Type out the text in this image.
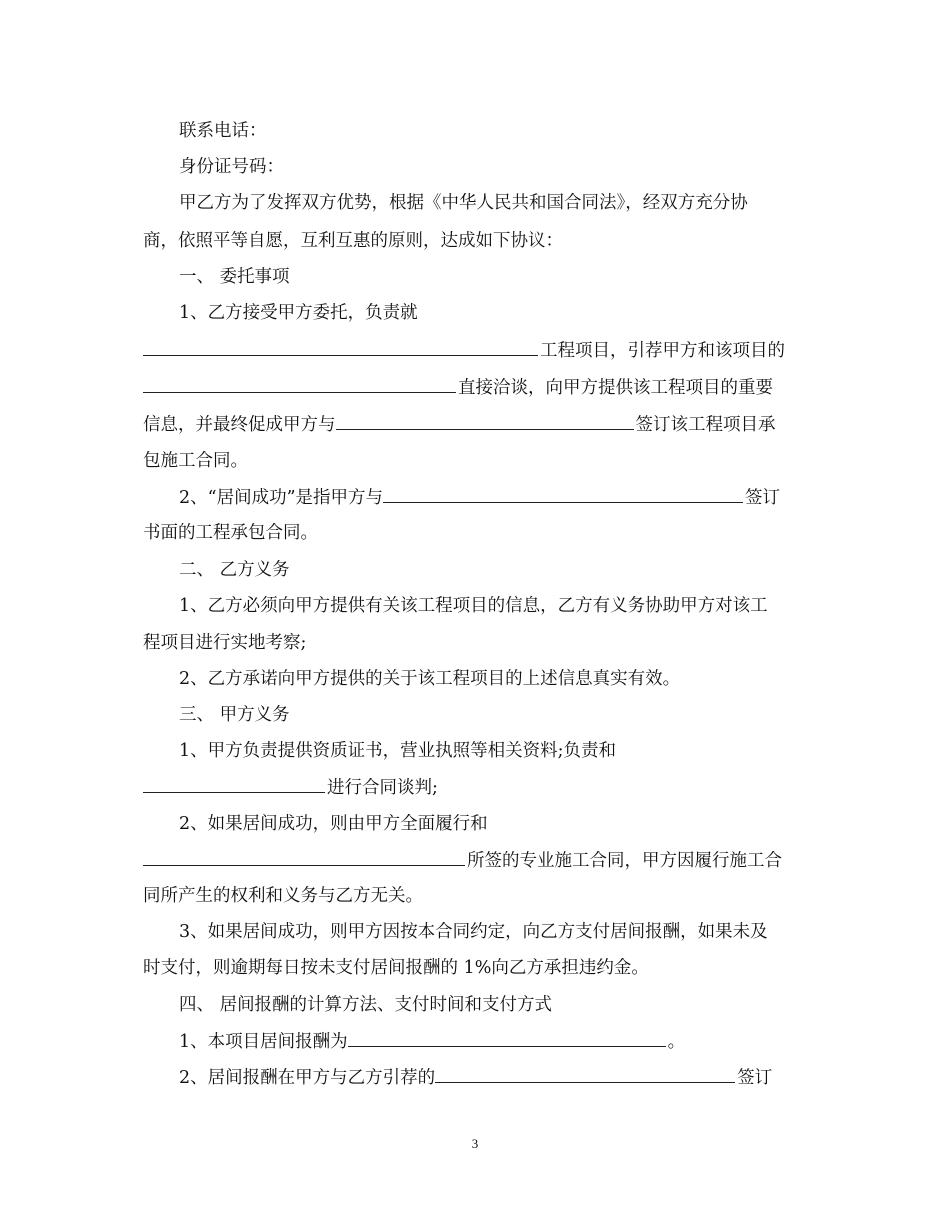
联系电话：
身份证号码：
甲乙方为了发挥双方优势，根据《中华人民共和国合同法》，经双方充分协
商，依照平等自愿，互利互惠的原则，达成如下协议：
一、 委托事项
1、乙方接受甲方委托，负责就
工程项目，引荐甲方和该项目的
直接洽谈，向甲方提供该工程项目的重要
信息，并最终促成甲方与	签订该工程项目承
包施工合同。
2、“居间成功”是指甲方与	签订
书面的工程承包合同。
二、 乙方义务
1、乙方必须向甲方提供有关该工程项目的信息，乙方有义务协助甲方对该工
程项目进行实地考察;
2、乙方承诺向甲方提供的关于该工程项目的上述信息真实有效。
三、 甲方义务
1、甲方负责提供资质证书，营业执照等相关资料;负责和
进行合同谈判;
2、如果居间成功，则由甲方全面履行和
所签的专业施工合同，甲方因履行施工合
同所产生的权利和义务与乙方无关。
3、如果居间成功，则甲方因按本合同约定，向乙方支付居间报酬，如果未及
时支付，则逾期每日按未支付居间报酬的 1%向乙方承担违约金。
四、 居间报酬的计算方法、支付时间和支付方式
1、本项目居间报酬为	。
2、居间报酬在甲方与乙方引荐的	签订
3
